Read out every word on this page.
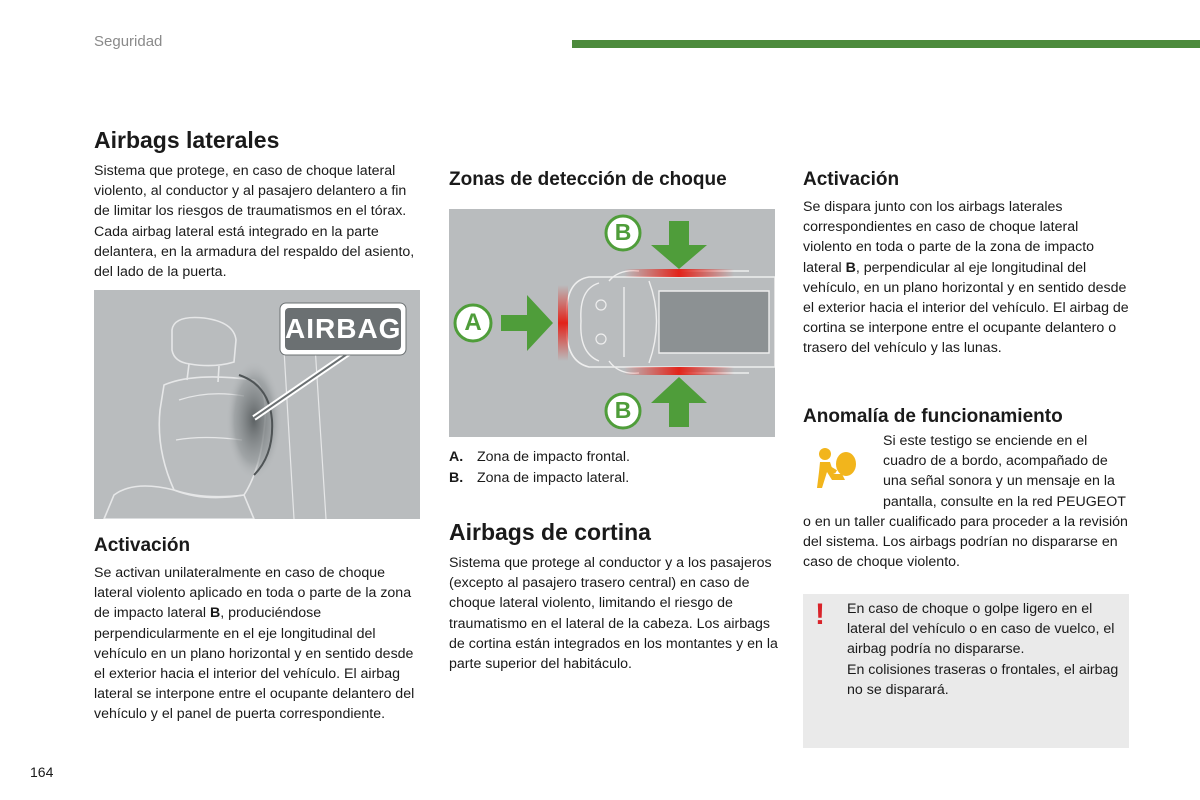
Seguridad
Airbags laterales

Sistema que protege, en caso de choque lateral violento, al conductor y al pasajero delantero a fin de limitar los riesgos de traumatismos en el tórax. Cada airbag lateral está integrado en la parte delantera, en la armadura del respaldo del asiento, del lado de la puerta.

AIRBAG
Activación

Se activan unilateralmente en caso de choque lateral violento aplicado en toda o parte de la zona de impacto lateral B, produciéndose perpendicularmente en el eje longitudinal del vehículo en un plano horizontal y en sentido desde el exterior hacia el interior del vehículo. El airbag lateral se interpone entre el ocupante delantero del vehículo y el panel de puerta correspondiente.

Zonas de detección de choque
A
B
B
A. Zona de impacto frontal.
B. Zona de impacto lateral.
Airbags de cortina

Sistema que protege al conductor y a los pasajeros (excepto al pasajero trasero central) en caso de choque lateral violento, limitando el riesgo de traumatismo en el lateral de la cabeza. Los airbags de cortina están integrados en los montantes y en la parte superior del habitáculo.

Activación

Se dispara junto con los airbags laterales correspondientes en caso de choque lateral violento en toda o parte de la zona de impacto lateral B, perpendicular al eje longitudinal del vehículo, en un plano horizontal y en sentido desde el exterior hacia el interior del vehículo. El airbag de cortina se interpone entre el ocupante delantero o trasero del vehículo y las lunas.

Anomalía de funcionamiento

Si este testigo se enciende en el cuadro de a bordo, acompañado de una señal sonora y un mensaje en la pantalla, consulte en la red PEUGEOT o en un taller cualificado para proceder a la revisión del sistema. Los airbags podrían no dispararse en caso de choque violento.

! En caso de choque o golpe ligero en el lateral del vehículo o en caso de vuelco, el airbag podría no dispararse.

En colisiones traseras o frontales, el airbag no se disparará.

164
